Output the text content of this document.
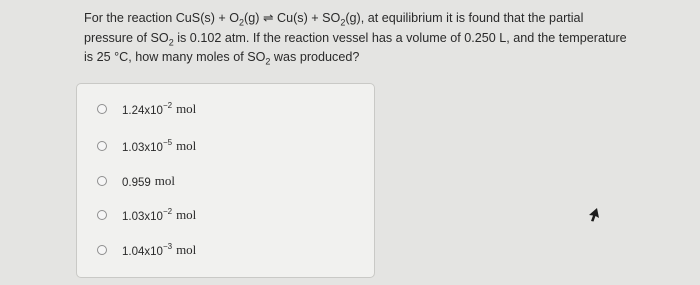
For the reaction $CuS(s) + O_2(g)$ ⇌ $Cu(s) + SO_2(g)$, at equilibrium it is found that the partial
pressure of $SO_2$ is 0.102 atm. If the reaction vessel has a volume of 0.250 L, and the temperature
is 25 °C, how many moles of $SO_2$ was produced?
$1.24x10^{-2}$ mol
$1.03x10^{-5}$ mol
0.959 mol
$1.03x10^{-2}$ mol
$1.04x10^{-3}$ mol
